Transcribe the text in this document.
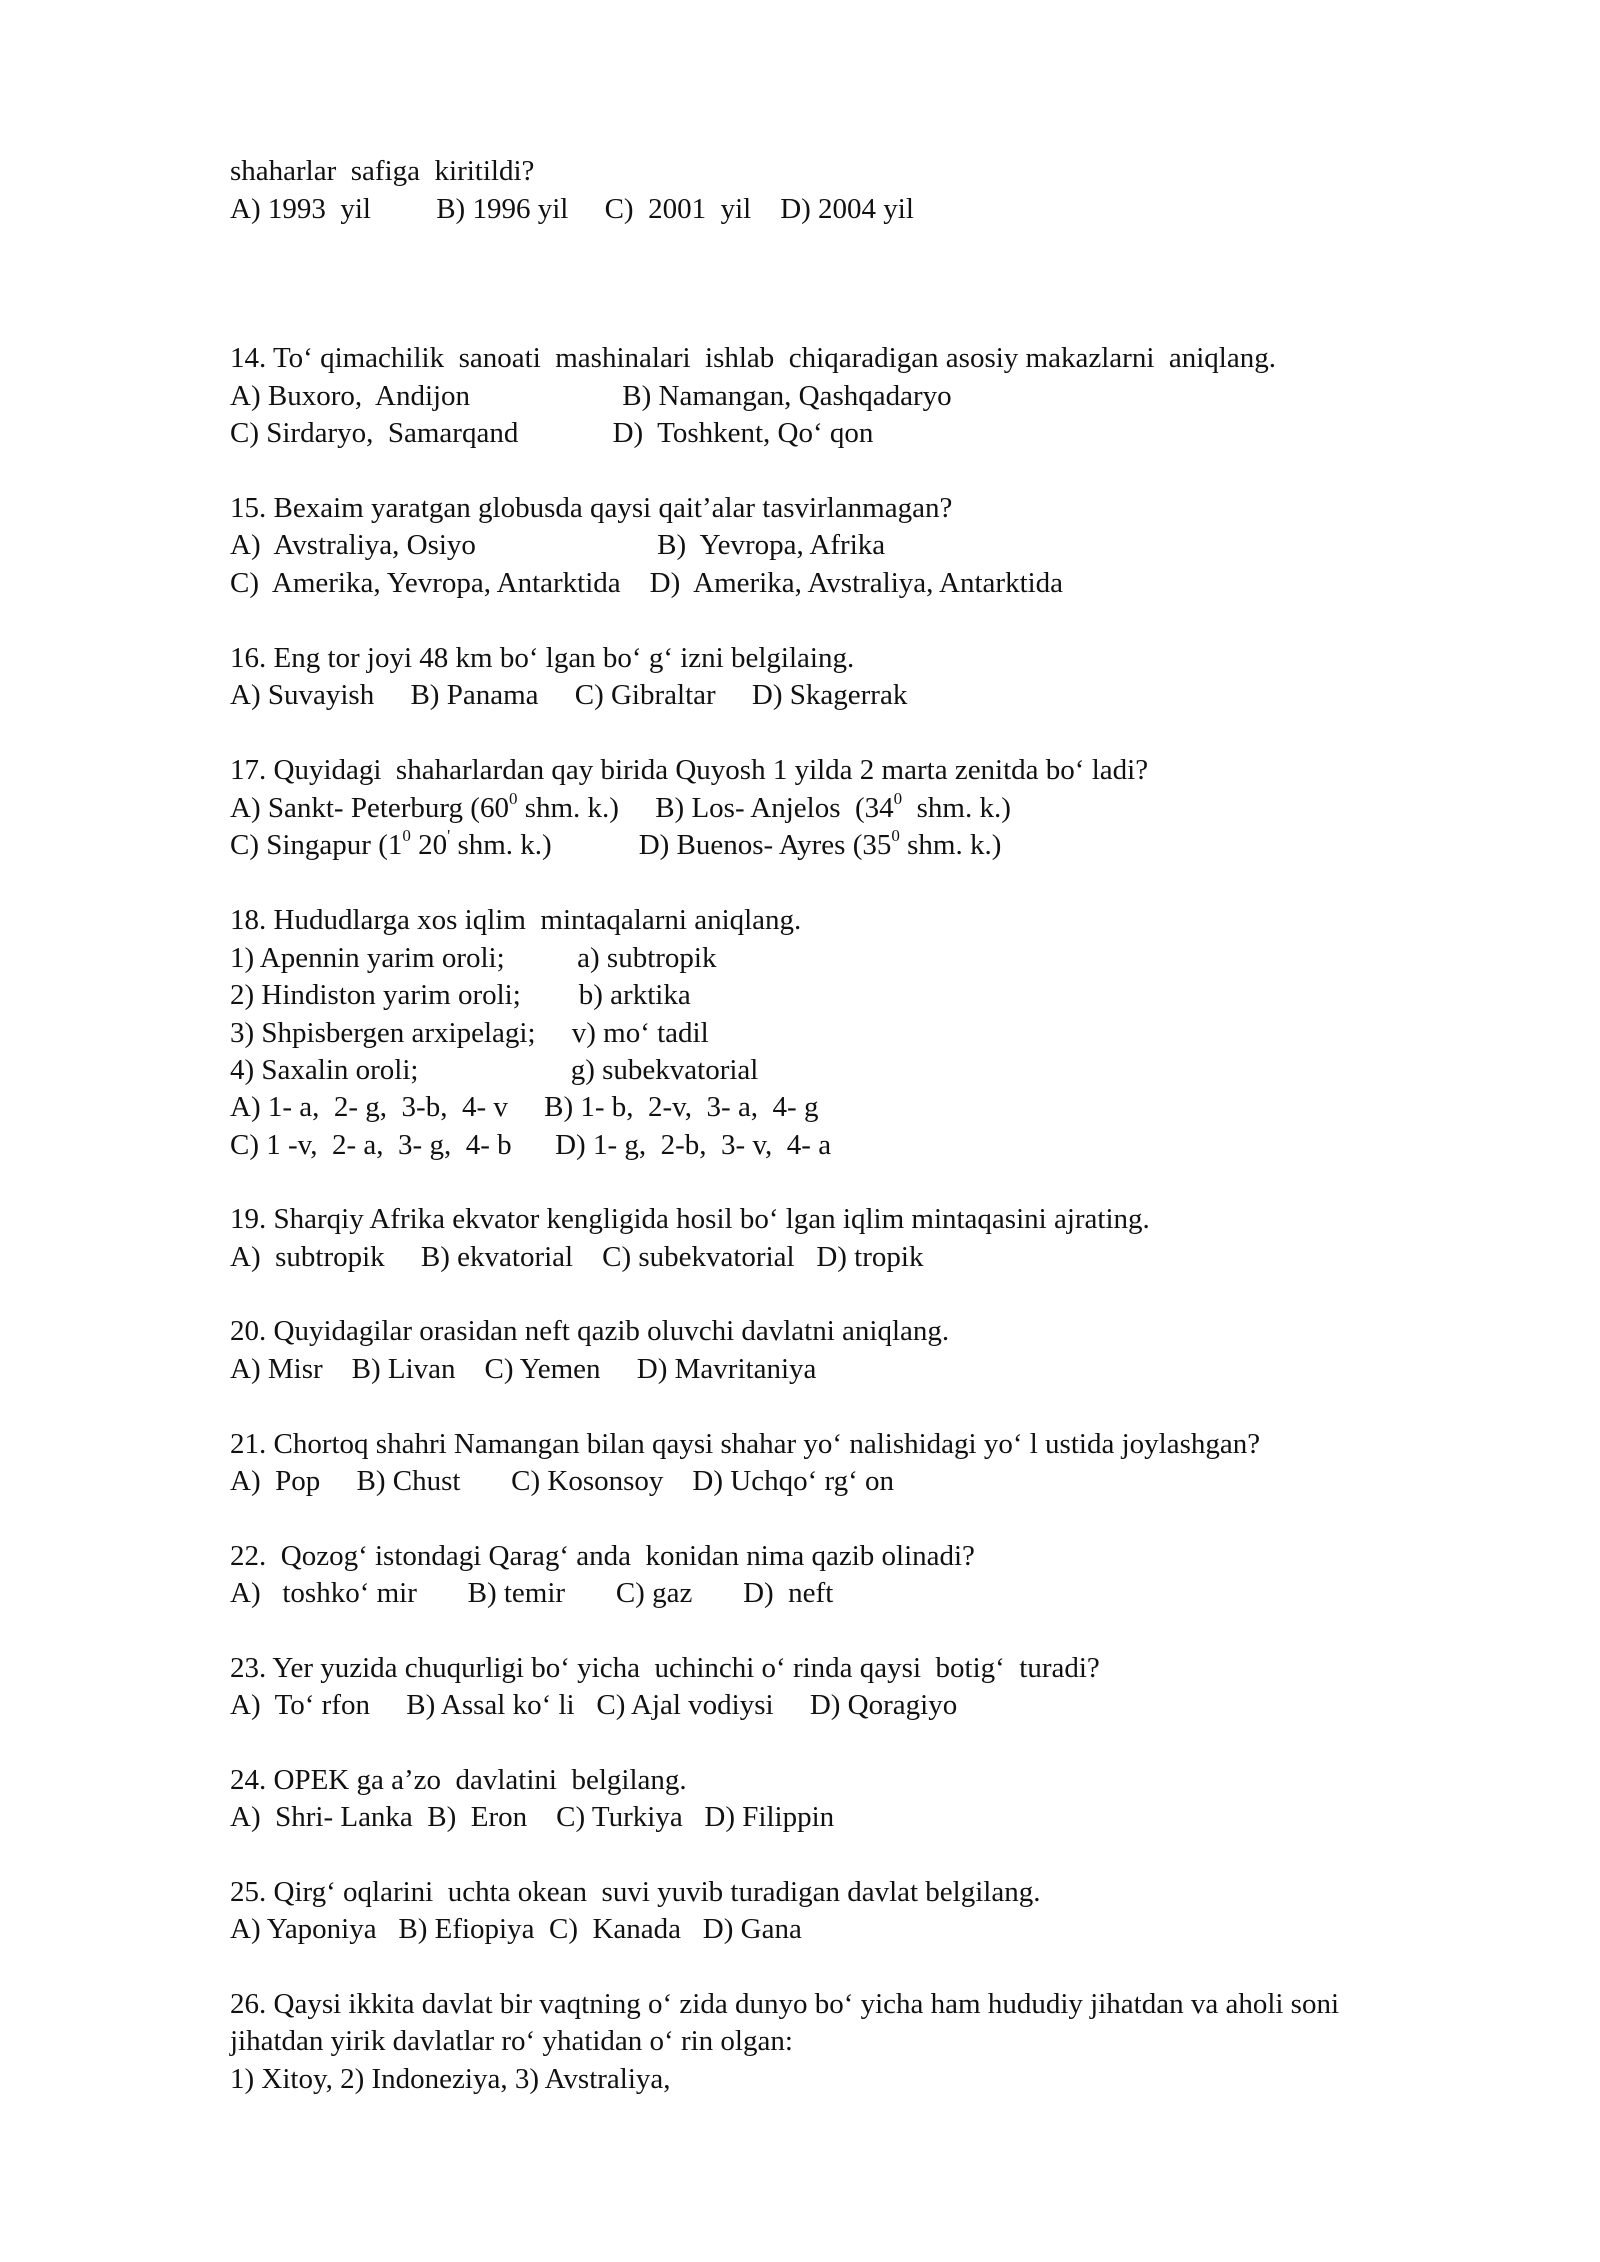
shaharlar  safiga  kiritildi?
A) 1993  yil         B) 1996 yil     C)  2001  yil    D) 2004 yil
14. To‘ qimachilik  sanoati  mashinalari  ishlab  chiqaradigan asosiy makazlarni  aniqlang.
A) Buxoro,  Andijon                     B) Namangan, Qashqadaryo
C) Sirdaryo,  Samarqand             D)  Toshkent, Qo‘ qon
15. Bexaim yaratgan globusda qaysi qait’alar tasvirlanmagan?
A)  Avstraliya, Osiyo                         B)  Yevropa, Afrika
C)  Amerika, Yevropa, Antarktida    D)  Amerika, Avstraliya, Antarktida
16. Eng tor joyi 48 km bo‘ lgan bo‘ g‘ izni belgilaing.
A) Suvayish     B) Panama     C) Gibraltar     D) Skagerrak
17. Quyidagi  shaharlardan qay birida Quyosh 1 yilda 2 marta zenitda bo‘ ladi?
A) Sankt- Peterburg ($60^0$ shm. k.)     B) Los- Anjelos  ($34^0$  shm. k.)
C) Singapur ($1^0$ 20' shm. k.)            D) Buenos- Ayres ($35^0$ shm. k.)
18. Hududlarga xos iqlim  mintaqalarni aniqlang.
1) Apennin yarim oroli;          a) subtropik
2) Hindiston yarim oroli;        b) arktika
3) Shpisbergen arxipelagi;     v) mo‘ tadil
4) Saxalin oroli;                     g) subekvatorial
A) 1- a,  2- g,  3-b,  4- v     B) 1- b,  2-v,  3- a,  4- g
C) 1 -v,  2- a,  3- g,  4- b      D) 1- g,  2-b,  3- v,  4- a
19. Sharqiy Afrika ekvator kengligida hosil bo‘ lgan iqlim mintaqasini ajrating.
A)  subtropik     B) ekvatorial    C) subekvatorial   D) tropik
20. Quyidagilar orasidan neft qazib oluvchi davlatni aniqlang.
A) Misr    B) Livan    C) Yemen     D) Mavritaniya
21. Chortoq shahri Namangan bilan qaysi shahar yo‘ nalishidagi yo‘ l ustida joylashgan?
A)  Pop     B) Chust       C) Kosonsoy    D) Uchqo‘ rg‘ on
22.  Qozog‘ istondagi Qarag‘ anda  konidan nima qazib olinadi?
A)   toshko‘ mir       B) temir       C) gaz       D)  neft
23. Yer yuzida chuqurligi bo‘ yicha  uchinchi o‘ rinda qaysi  botig‘  turadi?
A)  To‘ rfon     B) Assal ko‘ li   C) Ajal vodiysi     D) Qoragiyo
24. OPEK ga a’zo  davlatini  belgilang.
A)  Shri- Lanka  B)  Eron    C) Turkiya   D) Filippin
25. Qirg‘ oqlarini  uchta okean  suvi yuvib turadigan davlat belgilang.
A) Yaponiya   B) Efiopiya  C)  Kanada   D) Gana
26. Qaysi ikkita davlat bir vaqtning o‘ zida dunyo bo‘ yicha ham hududiy jihatdan va aholi soni
jihatdan yirik davlatlar ro‘ yhatidan o‘ rin olgan:
1) Xitoy, 2) Indoneziya, 3) Avstraliya,
